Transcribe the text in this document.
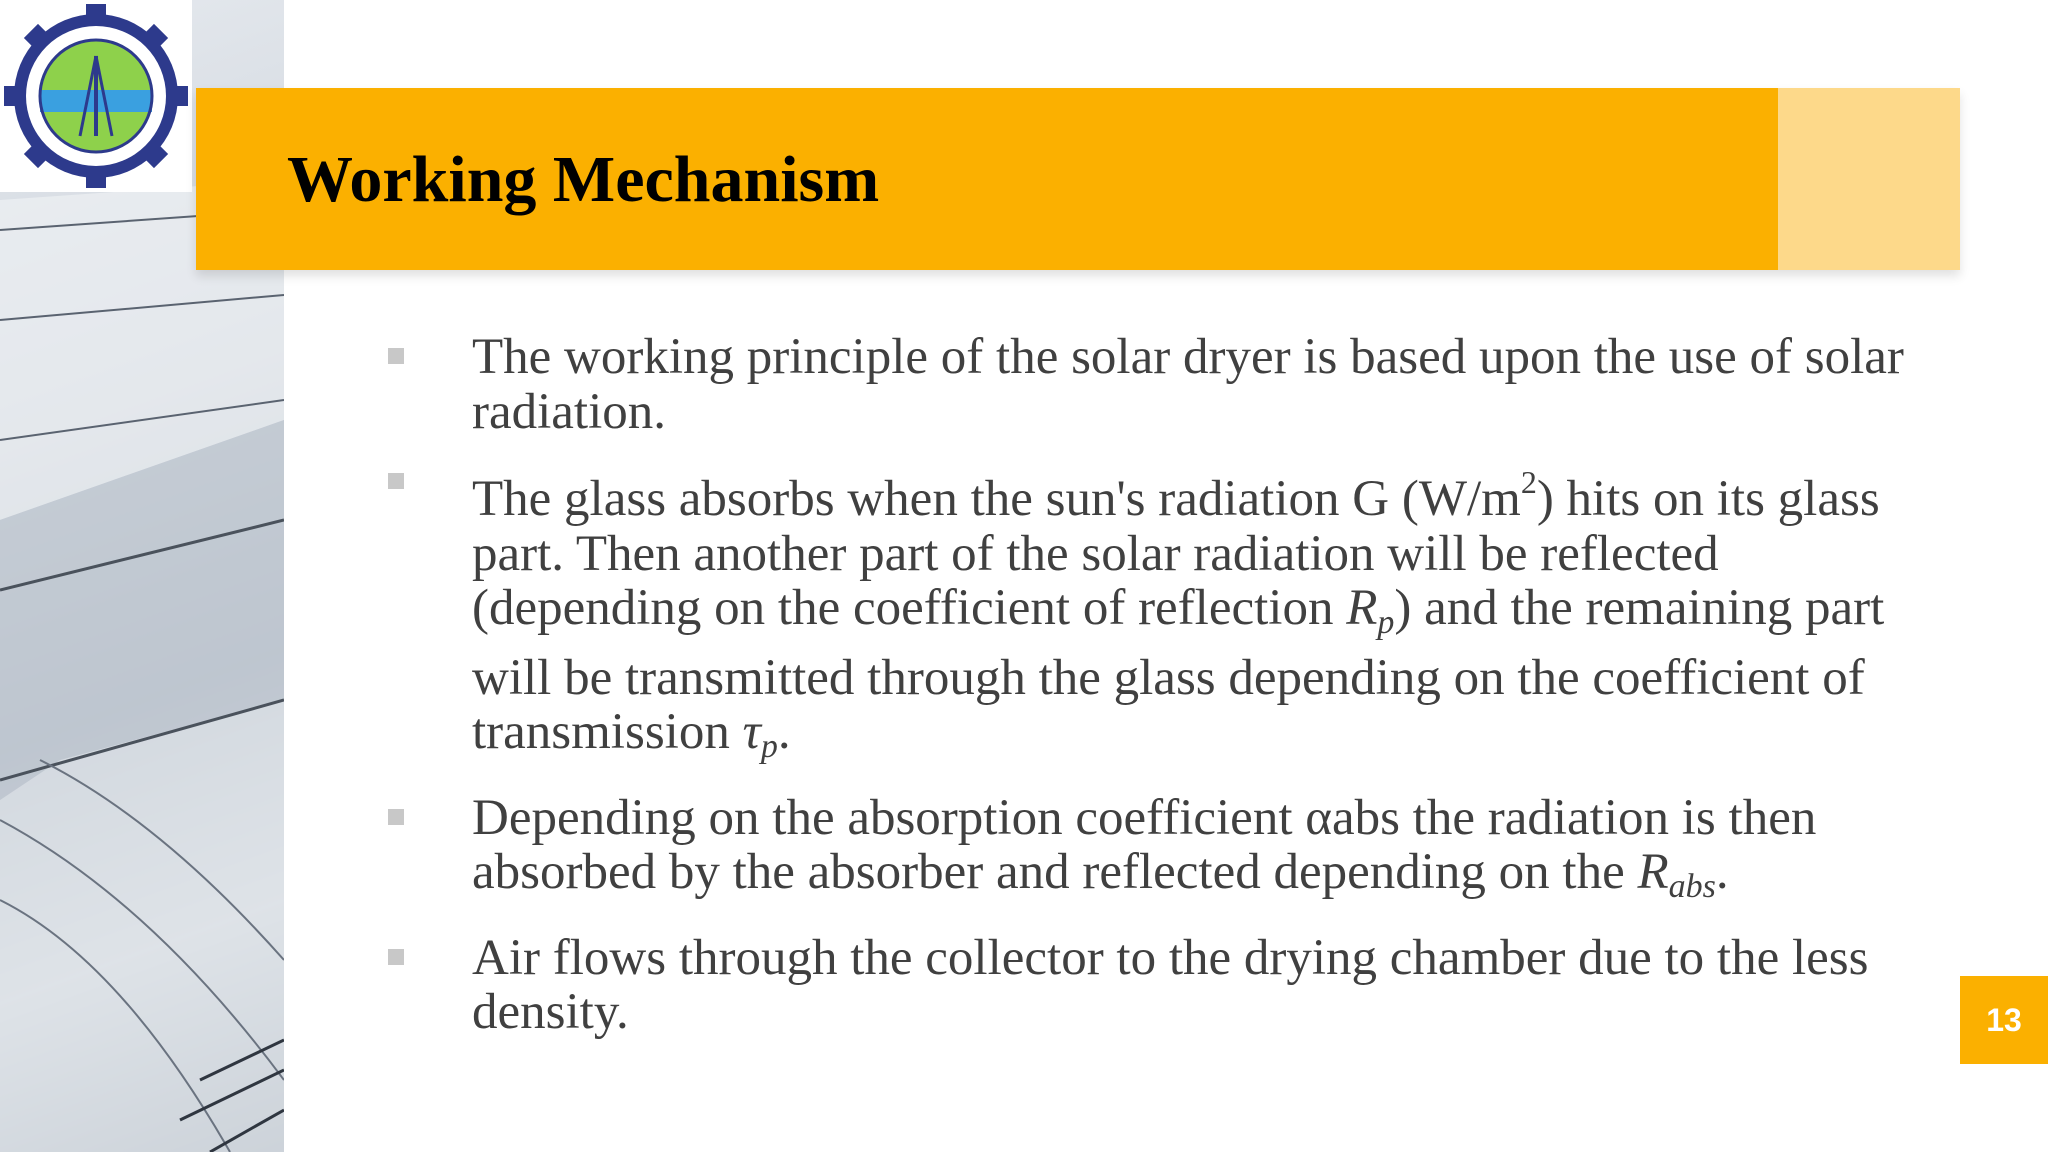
Working Mechanism
The working principle of the solar dryer is based upon the use of solar radiation.
The glass absorbs when the sun's radiation G $(W/m^2)$ hits on its glass part. Then another part of the solar radiation will be reflected (depending on the coefficient of reflection $R_p$) and the remaining part will be transmitted through the glass depending on the coefficient of transmission $\tau_p$.
Depending on the absorption coefficient αabs the radiation is then absorbed by the absorber and reflected depending on the $R_{abs}$.
Air flows through the collector to the drying chamber due to the less density.	13
